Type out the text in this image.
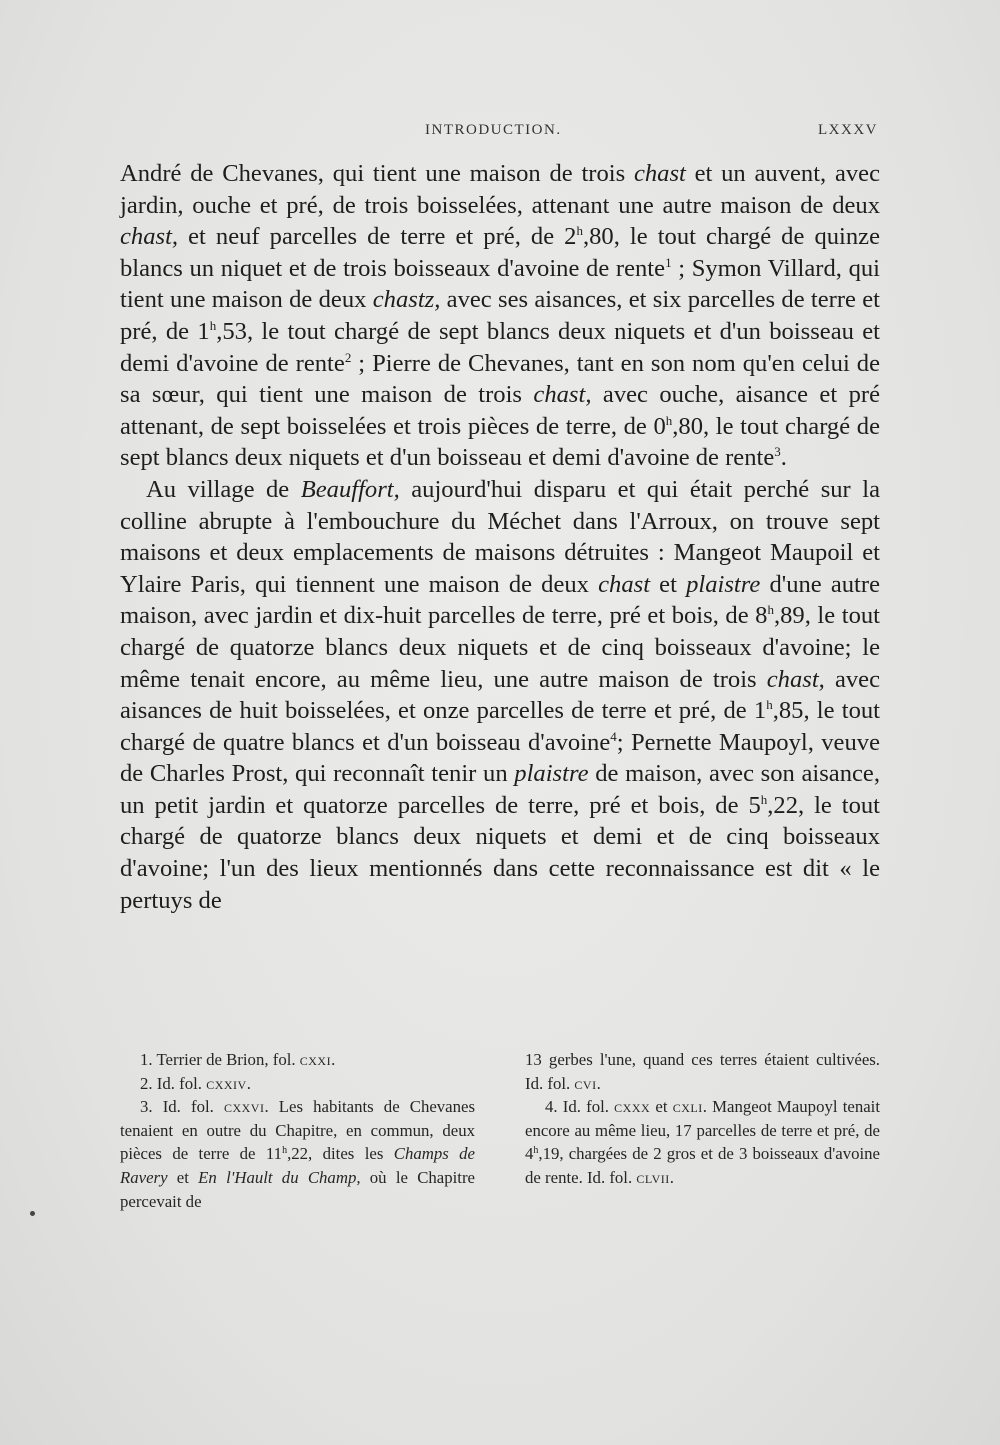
INTRODUCTION.	LXXXV

André de Chevanes, qui tient une maison de trois chast et un auvent, avec jardin, ouche et pré, de trois boisselées, attenant une autre maison de deux chast, et neuf parcelles de terre et pré, de 2$^h$,80, le tout chargé de quinze blancs un niquet et de trois boisseaux d'avoine de rente$^1$ ; Symon Villard, qui tient une maison de deux chastz, avec ses aisances, et six parcelles de terre et pré, de 1$^h$,53, le tout chargé de sept blancs deux niquets et d'un boisseau et demi d'avoine de rente$^2$ ; Pierre de Chevanes, tant en son nom qu'en celui de sa sœur, qui tient une maison de trois chast, avec ouche, aisance et pré attenant, de sept boisselées et trois pièces de terre, de 0$^h$,80, le tout chargé de sept blancs deux niquets et d'un boisseau et demi d'avoine de rente$^3$.

Au village de Beauffort, aujourd'hui disparu et qui était perché sur la colline abrupte à l'embouchure du Méchet dans l'Arroux, on trouve sept maisons et deux emplacements de maisons détruites : Mangeot Maupoil et Ylaire Paris, qui tiennent une maison de deux chast et plaistre d'une autre maison, avec jardin et dix-huit parcelles de terre, pré et bois, de 8$^h$,89, le tout chargé de quatorze blancs deux niquets et de cinq boisseaux d'avoine; le même tenait encore, au même lieu, une autre maison de trois chast, avec aisances de huit boisselées, et onze parcelles de terre et pré, de 1$^h$,85, le tout chargé de quatre blancs et d'un boisseau d'avoine$^4$; Pernette Maupoyl, veuve de Charles Prost, qui reconnaît tenir un plaistre de maison, avec son aisance, un petit jardin et quatorze parcelles de terre, pré et bois, de 5$^h$,22, le tout chargé de quatorze blancs deux niquets et demi et de cinq boisseaux d'avoine; l'un des lieux mentionnés dans cette reconnaissance est dit « le pertuys de

1. Terrier de Brion, fol. cxxi.

2. Id. fol. cxxiv.

3. Id. fol. cxxvi. Les habitants de Chevanes tenaient en outre du Chapitre, en commun, deux pièces de terre de 11$^h$,22, dites les Champs de Ravery et En l'Hault du Champ, où le Chapitre percevait de

13 gerbes l'une, quand ces terres étaient cultivées. Id. fol. cvi.

4. Id. fol. cxxx et cxli. Mangeot Maupoyl tenait encore au même lieu, 17 parcelles de terre et pré, de 4$^h$,19, chargées de 2 gros et de 3 boisseaux d'avoine de rente. Id. fol. clvii.
